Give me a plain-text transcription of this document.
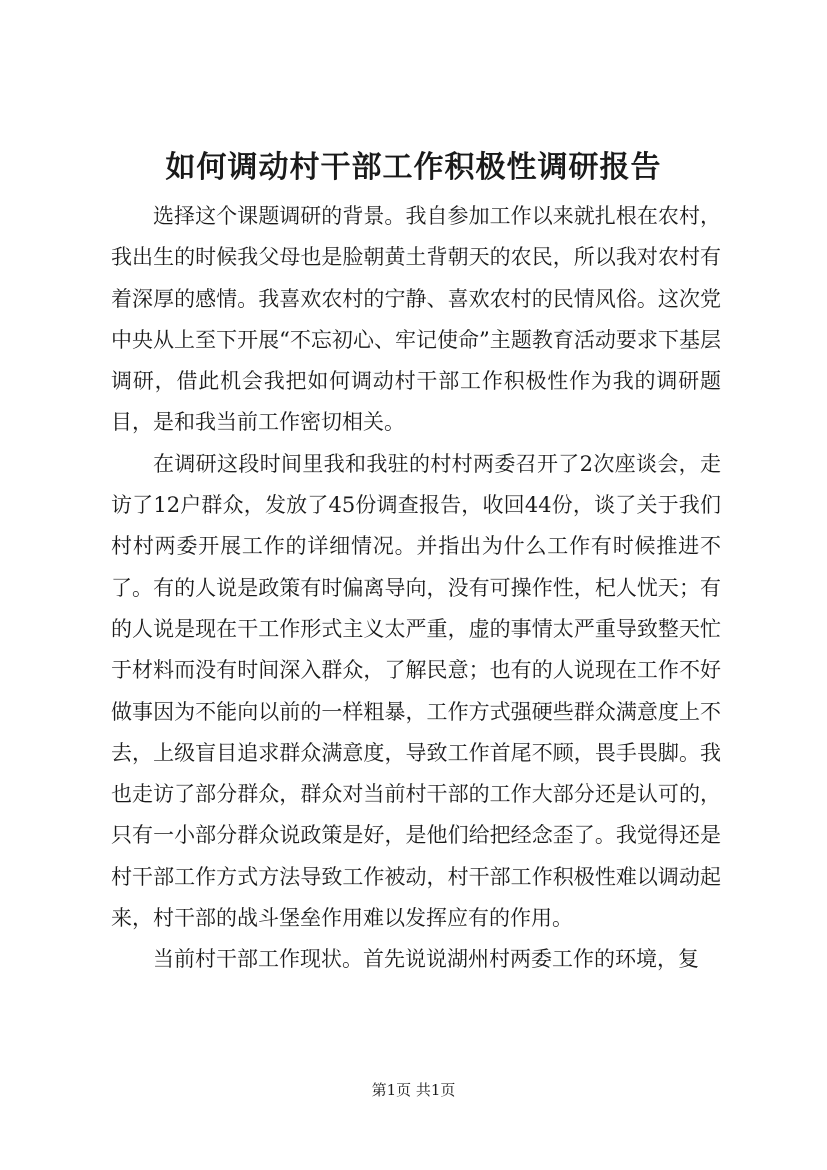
如何调动村干部工作积极性调研报告

选择这个课题调研的背景。我自参加工作以来就扎根在农村，我出生的时候我父母也是脸朝黄土背朝天的农民，所以我对农村有着深厚的感情。我喜欢农村的宁静、喜欢农村的民情风俗。这次党中央从上至下开展“不忘初心、牢记使命”主题教育活动要求下基层调研，借此机会我把如何调动村干部工作积极性作为我的调研题目，是和我当前工作密切相关。

在调研这段时间里我和我驻的村村两委召开了2次座谈会，走访了12户群众，发放了45份调查报告，收回44份，谈了关于我们村村两委开展工作的详细情况。并指出为什么工作有时候推进不了。有的人说是政策有时偏离导向，没有可操作性，杞人忧天；有的人说是现在干工作形式主义太严重，虚的事情太严重导致整天忙于材料而没有时间深入群众，了解民意；也有的人说现在工作不好做事因为不能向以前的一样粗暴，工作方式强硬些群众满意度上不去，上级盲目追求群众满意度，导致工作首尾不顾，畏手畏脚。我也走访了部分群众，群众对当前村干部的工作大部分还是认可的，只有一小部分群众说政策是好，是他们给把经念歪了。我觉得还是村干部工作方式方法导致工作被动，村干部工作积极性难以调动起来，村干部的战斗堡垒作用难以发挥应有的作用。

当前村干部工作现状。首先说说湖州村两委工作的环境，复

第1页 共1页
